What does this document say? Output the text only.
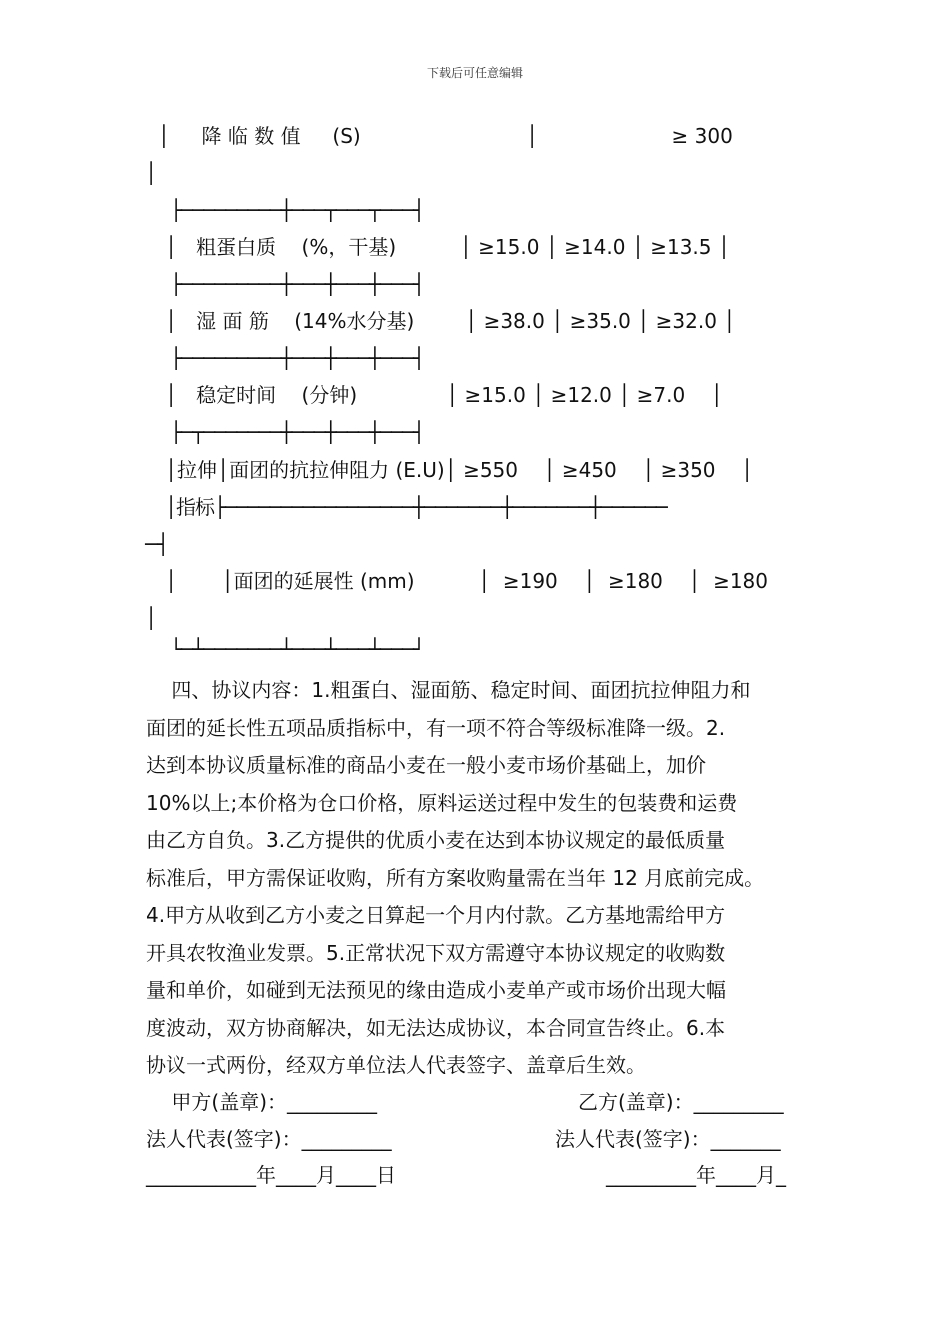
下载后可任意编辑
│     降 临 数 值     (S)                          │                     ≥ 300
│
├─────────┼───┬───┬───┤
│   粗蛋白质    (%，干基)          │ ≥15.0 │ ≥14.0 │ ≥13.5 │
├─────────┼───┼───┼───┤
│   湿 面 筋    (14%水分基)        │ ≥38.0 │ ≥35.0 │ ≥32.0 │
├─────────┼───┼───┼───┤
│   稳定时间    (分钟)              │ ≥15.0 │ ≥12.0 │ ≥7.0    │
├─┬───────┼───┼───┼───┤
│拉伸│面团的抗拉伸阻力 (E.U)│ ≥550    │ ≥450    │ ≥350    │
│指标├─────────────────┼───────┼───────┼──────
─┤
│       │面团的延展性 (mm)          │  ≥190    │  ≥180    │  ≥180
│
└─┴───────┴───┴───┴───┘
四、协议内容：1.粗蛋白、湿面筋、稳定时间、面团抗拉伸阻力和
面团的延长性五项品质指标中，有一项不符合等级标准降一级。2.
达到本协议质量标准的商品小麦在一般小麦市场价基础上，加价
10%以上;本价格为仓口价格，原料运送过程中发生的包装费和运费
由乙方自负。3.乙方提供的优质小麦在达到本协议规定的最低质量
标准后，甲方需保证收购，所有方案收购量需在当年 12 月底前完成。
4.甲方从收到乙方小麦之日算起一个月内付款。乙方基地需给甲方
开具农牧渔业发票。5.正常状况下双方需遵守本协议规定的收购数
量和单价，如碰到无法预见的缘由造成小麦单产或市场价出现大幅
度波动，双方协商解决，如无法达成协议，本合同宣告终止。6.本
协议一式两份，经双方单位法人代表签字、盖章后生效。
甲方(盖章)：_________	乙方(盖章)：_________
法人代表(签字)：_________	法人代表(签字)：_______
___________年____月____日	_________年____月_
